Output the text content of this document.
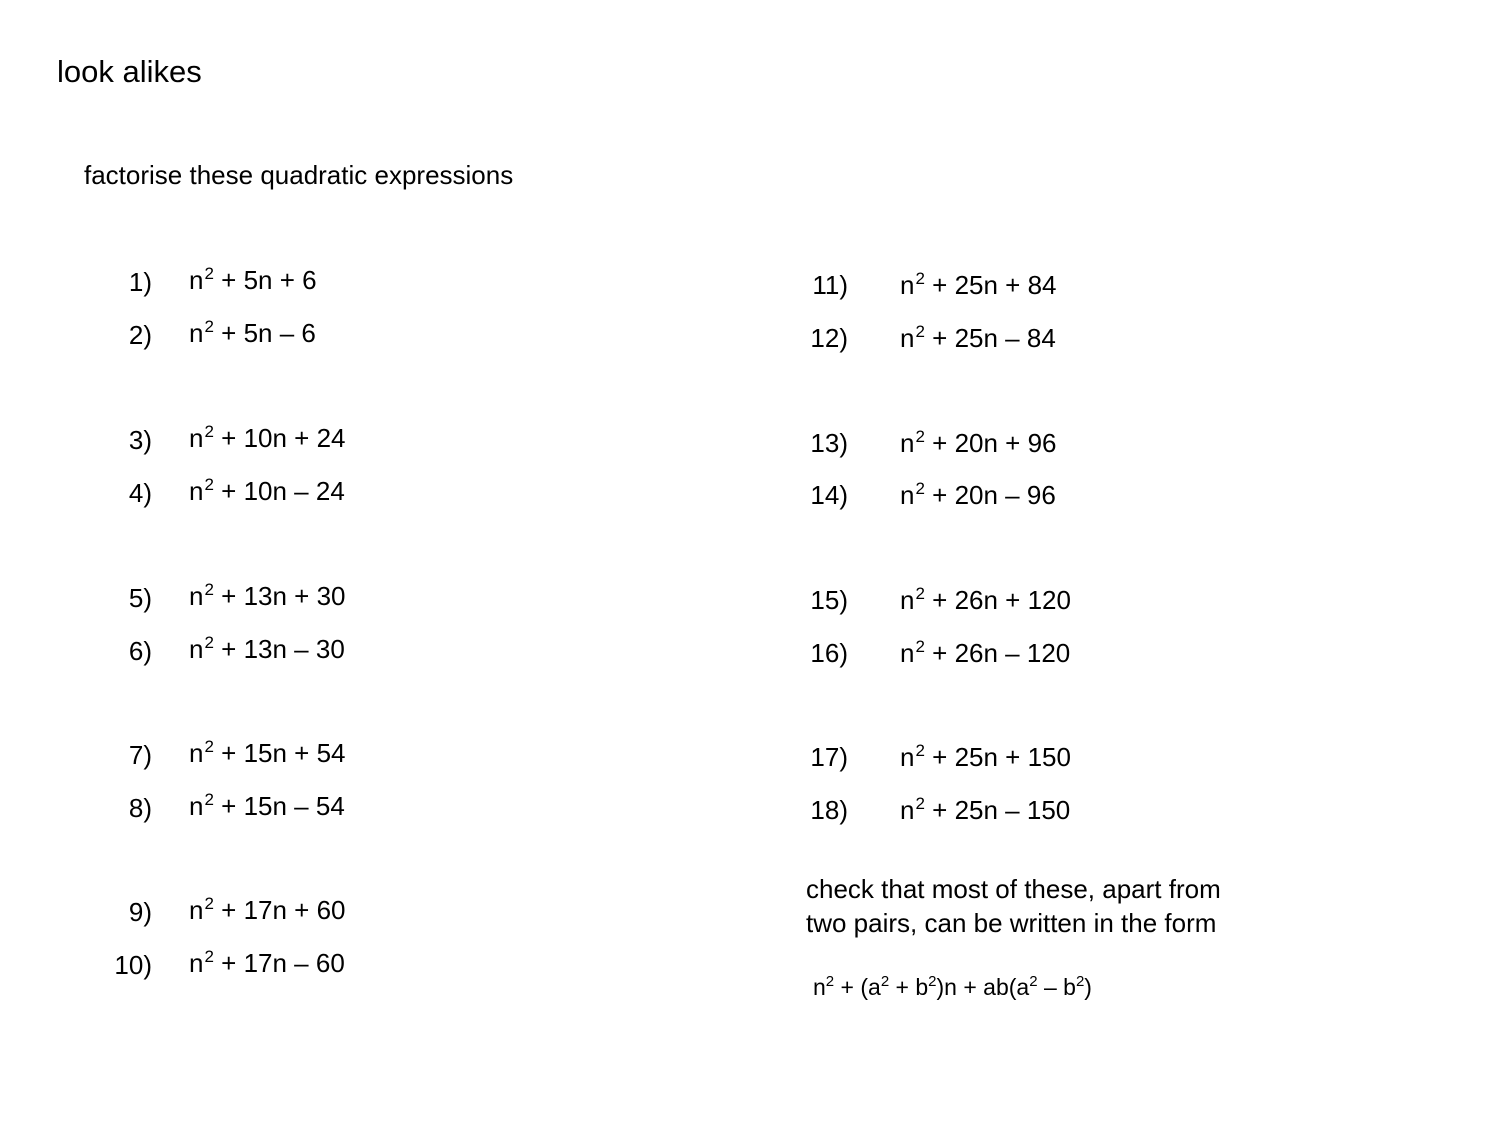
look alikes
factorise these quadratic expressions
1) $n^2 + 5n + 6$
2) $n^2 + 5n - 6$
3) $n^2 + 10n + 24$
4) $n^2 + 10n - 24$
5) $n^2 + 13n + 30$
6) $n^2 + 13n - 30$
7) $n^2 + 15n + 54$
8) $n^2 + 15n - 54$
9) $n^2 + 17n + 60$
10) $n^2 + 17n - 60$
11) $n^2 + 25n + 84$
12) $n^2 + 25n - 84$
13) $n^2 + 20n + 96$
14) $n^2 + 20n - 96$
15) $n^2 + 26n + 120$
16) $n^2 + 26n - 120$
17) $n^2 + 25n + 150$
18) $n^2 + 25n - 150$
check that most of these, apart from
two pairs, can be written in the form
$n^2 + (a^2 + b^2)n + ab(a^2 - b^2)$
